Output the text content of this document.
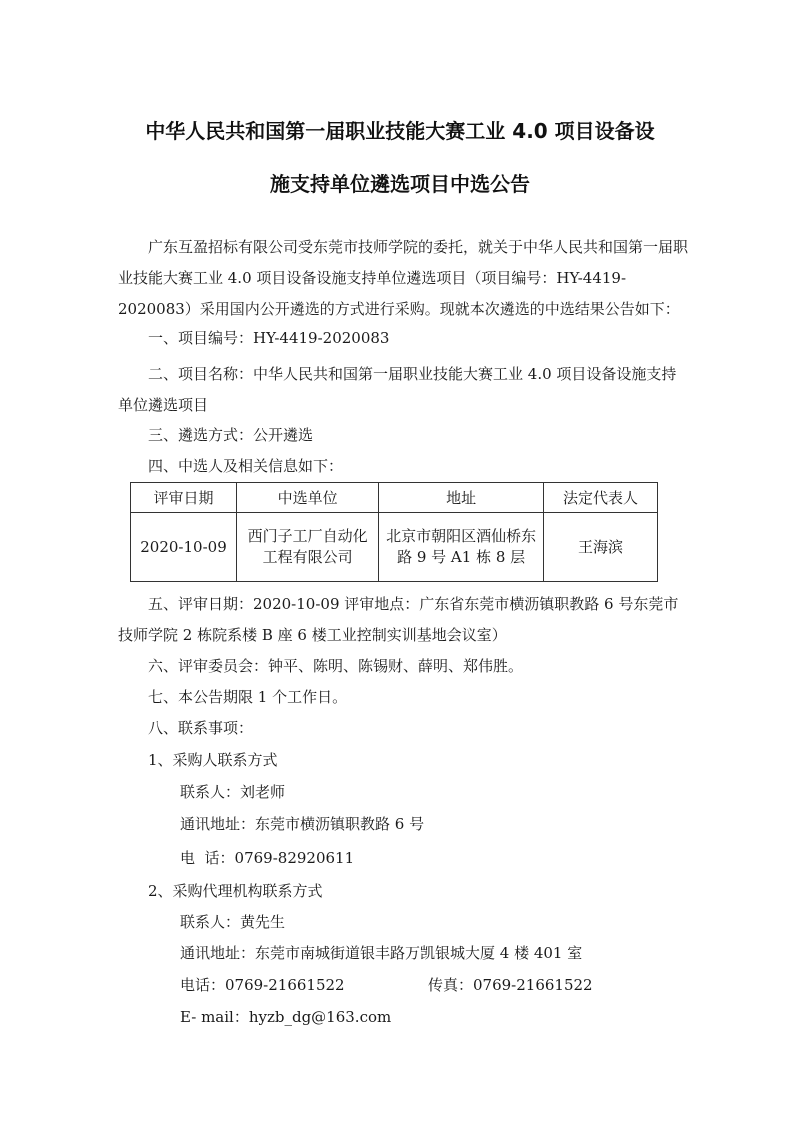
中华人民共和国第一届职业技能大赛工业 4.0 项目设备设
施支持单位遴选项目中选公告

广东互盈招标有限公司受东莞市技师学院的委托，就关于中华人民共和国第一届职业技能大赛工业 4.0 项目设备设施支持单位遴选项目（项目编号：HY-4419-2020083）采用国内公开遴选的方式进行采购。现就本次遴选的中选结果公告如下：

一、项目编号：HY-4419-2020083

二、项目名称：中华人民共和国第一届职业技能大赛工业 4.0 项目设备设施支持单位遴选项目

三、遴选方式：公开遴选
四、中选人及相关信息如下：
评审日期	中选单位	地址	法定代表人
2020-10-09	西门子工厂自动化工程有限公司	北京市朝阳区酒仙桥东路 9 号 A1 栋 8 层	王海滨

五、评审日期：2020-10-09 评审地点：广东省东莞市横沥镇职教路 6 号东莞市技师学院 2 栋院系楼 B 座 6 楼工业控制实训基地会议室）

六、评审委员会：钟平、陈明、陈锡财、薛明、郑伟胜。
七、本公告期限 1 个工作日。
八、联系事项：
1、采购人联系方式
联系人：刘老师
通讯地址：东莞市横沥镇职教路 6 号
电  话：0769-82920611
2、采购代理机构联系方式
联系人：黄先生
通讯地址：东莞市南城街道银丰路万凯银城大厦 4 楼 401 室
电话：0769-21661522	传真：0769-21661522
E- mail：hyzb_dg@163.com
